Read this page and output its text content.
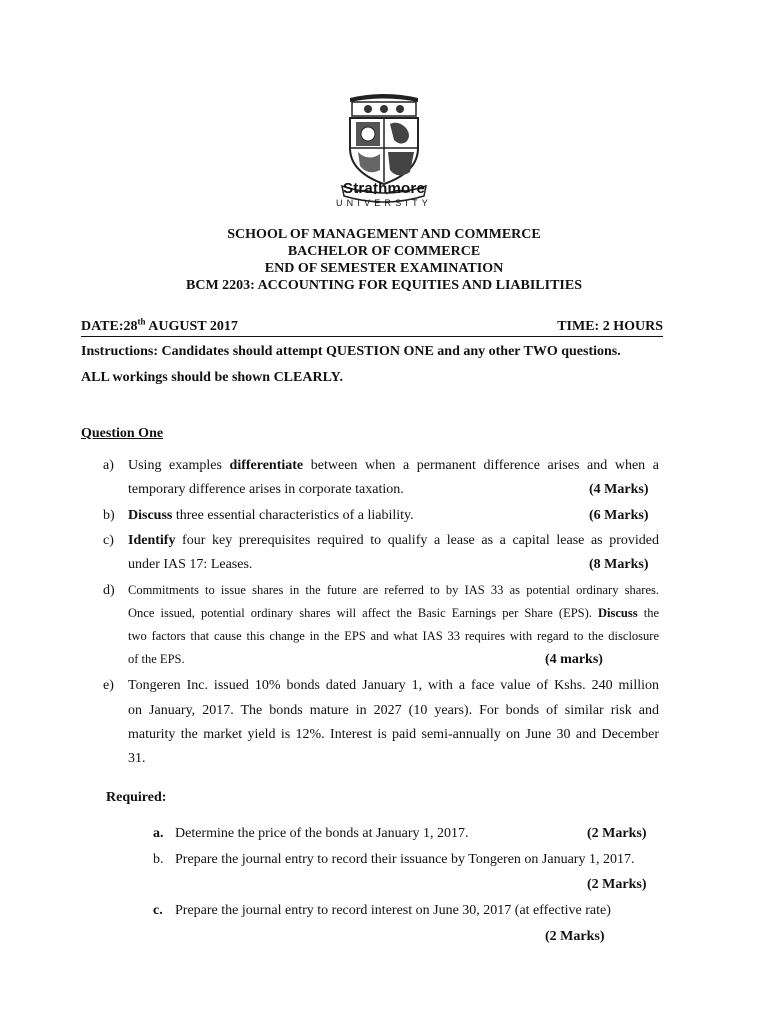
Strathmore
UNIVERSITY
SCHOOL OF MANAGEMENT AND COMMERCE
BACHELOR OF COMMERCE
END OF SEMESTER EXAMINATION
BCM 2203: ACCOUNTING FOR EQUITIES AND LIABILITIES
DATE:28th AUGUST 2017	TIME: 2 HOURS
Instructions: Candidates should attempt QUESTION ONE and any other TWO questions.
ALL workings should be shown CLEARLY.
Question One
a) Using examples differentiate between when a permanent difference arises and when a
temporary difference arises in corporate taxation.	(4 Marks)
b) Discuss three essential characteristics of a liability.	(6 Marks)
c) Identify four key prerequisites required to qualify a lease as a capital lease as provided
under IAS 17: Leases.	(8 Marks)
d) Commitments to issue shares in the future are referred to by IAS 33 as potential ordinary shares.
Once issued, potential ordinary shares will affect the Basic Earnings per Share (EPS). Discuss the
two factors that cause this change in the EPS and what IAS 33 requires with regard to the disclosure
of the EPS.	(4 marks)
e) Tongeren Inc. issued 10% bonds dated January 1, with a face value of Kshs. 240 million
on January, 2017. The bonds mature in 2027 (10 years). For bonds of similar risk and
maturity the market yield is 12%. Interest is paid semi-annually on June 30 and December
31.
Required:
a. Determine the price of the bonds at January 1, 2017.	(2 Marks)
b. Prepare the journal entry to record their issuance by Tongeren on January 1, 2017.
(2 Marks)
c. Prepare the journal entry to record interest on June 30, 2017 (at effective rate)
(2 Marks)
